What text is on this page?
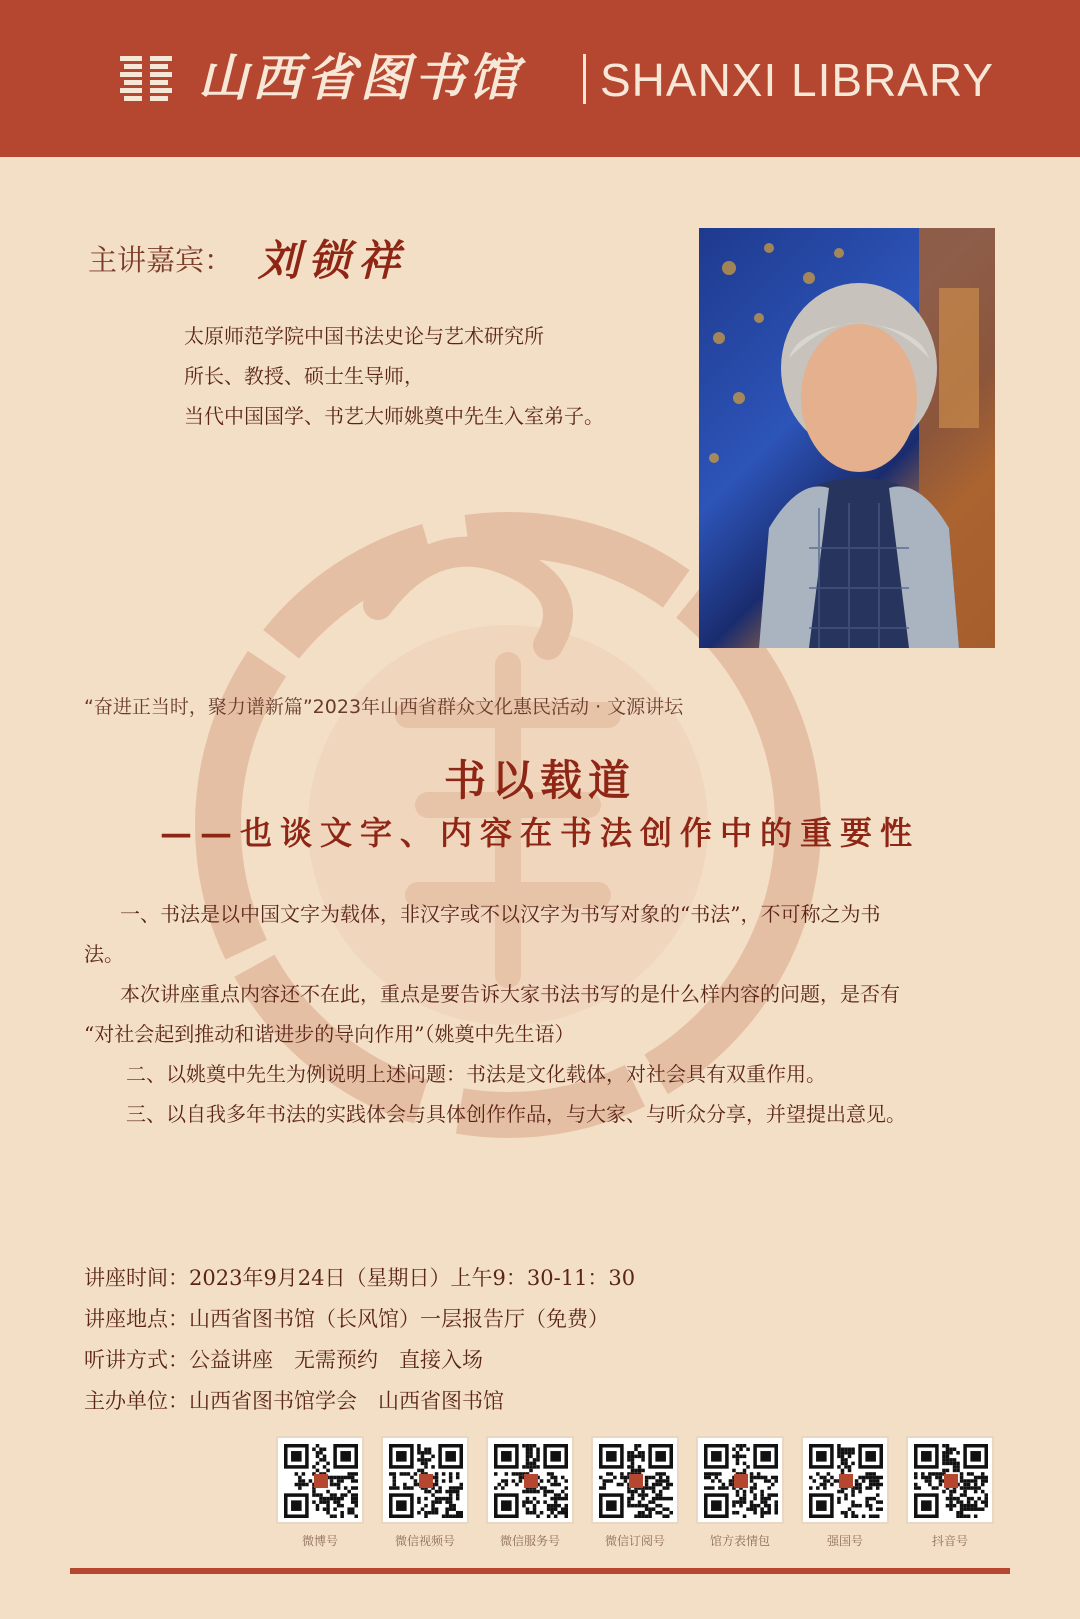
山西省图书馆 SHANXI LIBRARY
主讲嘉宾： 刘锁祥
太原师范学院中国书法史论与艺术研究所
所长、教授、硕士生导师，
当代中国国学、书艺大师姚奠中先生入室弟子。
“奋进正当时，聚力谱新篇”2023年山西省群众文化惠民活动 · 文源讲坛
书以载道
——也谈文字、内容在书法创作中的重要性
一、书法是以中国文字为载体，非汉字或不以汉字为书写对象的“书法”，不可称之为书
法。
本次讲座重点内容还不在此，重点是要告诉大家书法书写的是什么样内容的问题，是否有
“对社会起到推动和谐进步的导向作用”（姚奠中先生语）
二、以姚奠中先生为例说明上述问题：书法是文化载体，对社会具有双重作用。
三、以自我多年书法的实践体会与具体创作作品，与大家、与听众分享，并望提出意见。
讲座时间：2023年9月24日（星期日）上午9：30-11：30
讲座地点：山西省图书馆（长风馆）一层报告厅（免费）
听讲方式：公益讲座　无需预约　直接入场
主办单位：山西省图书馆学会　山西省图书馆
微博号	微信视频号	微信服务号	微信订阅号	馆方表情包	强国号	抖音号
